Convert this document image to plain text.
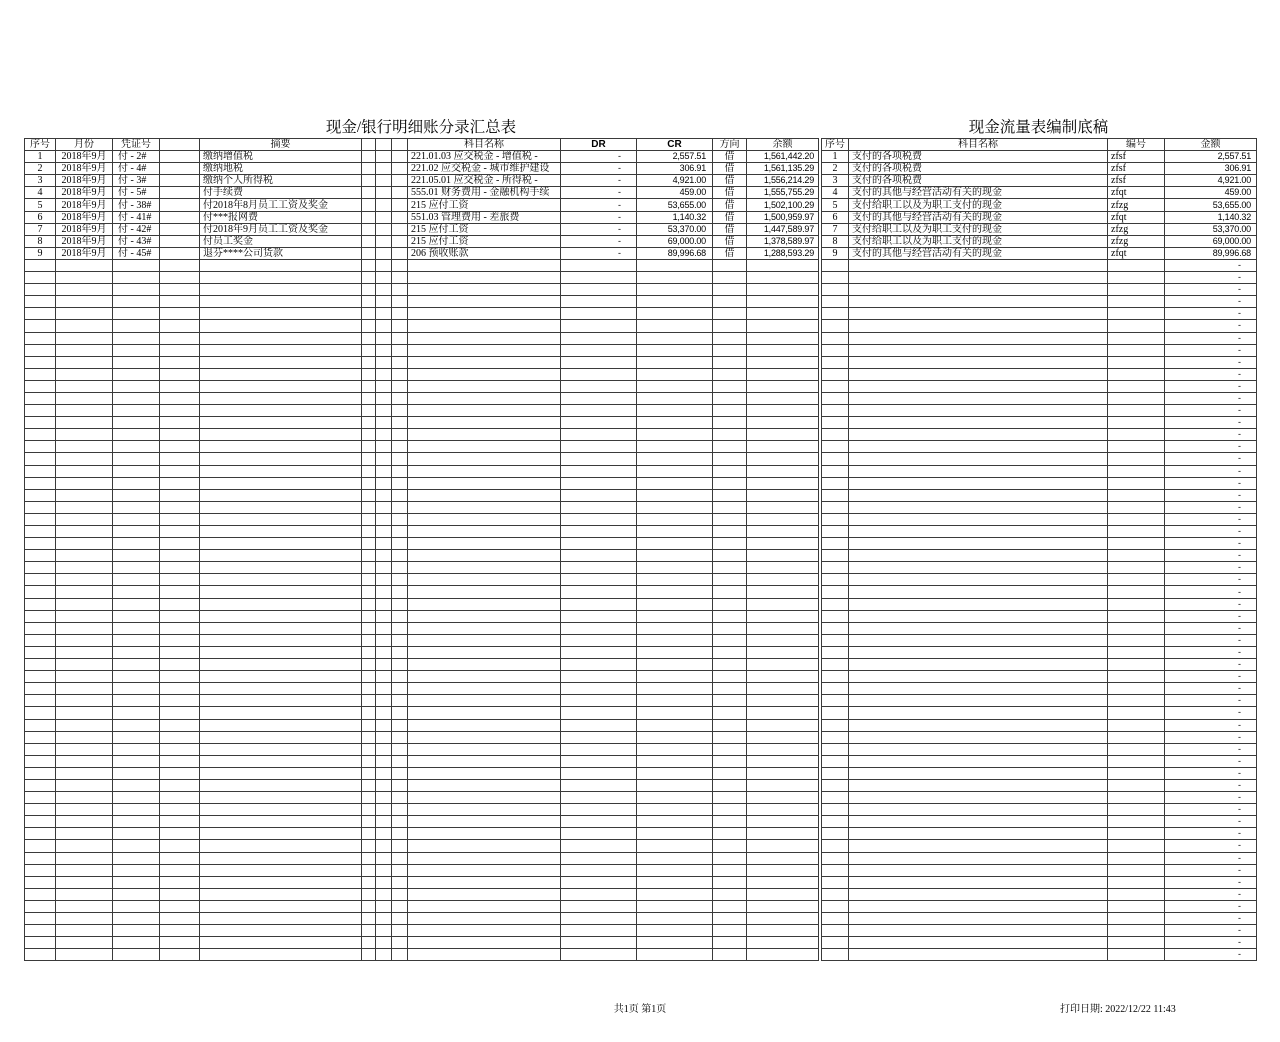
现金/银行明细账分录汇总表	现金流量表编制底稿
序号	月份	凭证号		摘要				科目名称	DR	CR	方向	余额
1	2018年9月	付 - 2#		缴纳增值税				221.01.03 应交税金 - 增值税 -	-	2,557.51	借	1,561,442.20
2	2018年9月	付 - 4#		缴纳地税				221.02 应交税金 - 城市维护建设	-	306.91	借	1,561,135.29
3	2018年9月	付 - 3#		缴纳个人所得税				221.05.01 应交税金 - 所得税 -	-	4,921.00	借	1,556,214.29
4	2018年9月	付 - 5#		付手续费				555.01 财务费用 - 金融机构手续	-	459.00	借	1,555,755.29
5	2018年9月	付 - 38#		付2018年8月员工工资及奖金				215 应付工资	-	53,655.00	借	1,502,100.29
6	2018年9月	付 - 41#		付***报网费				551.03 管理费用 - 差旅费	-	1,140.32	借	1,500,959.97
7	2018年9月	付 - 42#		付2018年9月员工工资及奖金				215 应付工资	-	53,370.00	借	1,447,589.97
8	2018年9月	付 - 43#		付员工奖金				215 应付工资	-	69,000.00	借	1,378,589.97
9	2018年9月	付 - 45#		退芬****公司货款				206 预收账款	-	89,996.68	借	1,288,593.29

序号	科目名称	编号	金额
1	支付的各项税费	zfsf	2,557.51
2	支付的各项税费	zfsf	306.91
3	支付的各项税费	zfsf	4,921.00
4	支付的其他与经营活动有关的现金	zfqt	459.00
5	支付给职工以及为职工支付的现金	zfzg	53,655.00
6	支付的其他与经营活动有关的现金	zfqt	1,140.32
7	支付给职工以及为职工支付的现金	zfzg	53,370.00
8	支付给职工以及为职工支付的现金	zfzg	69,000.00
9	支付的其他与经营活动有关的现金	zfqt	89,996.68
			-
			-
			-
			-
			-
			-
			-
			-
			-
			-
			-
			-
			-
			-
			-
			-
			-
			-
			-
			-
			-
			-
			-
			-
			-
			-
			-
			-
			-
			-
			-
			-
			-
			-
			-
			-
			-
			-
			-
			-
			-
			-
			-
			-
			-
			-
			-
			-
			-
			-
			-
			-
			-
			-
			-
			-
			-
			-
共1页 第1页	打印日期: 2022/12/22 11:43
